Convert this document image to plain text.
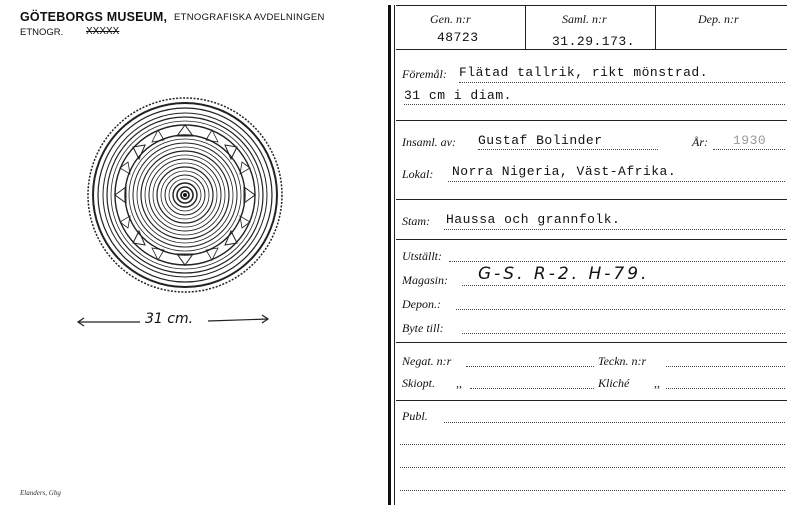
GÖTEBORGS MUSEUM, ETNOGRAFISKA AVDELNINGEN
ETNOGR. XXXXX
31 cm.
Elanders, Gbg
Gen. n:r
48723
Saml. n:r
31.29.173.
Dep. n:r
Föremål: Flätad tallrik, rikt mönstrad.
31 cm i diam.
Insaml. av: Gustaf Bolinder	År: 1930
Lokal: Norra Nigeria, Väst-Afrika.
Stam: Haussa och grannfolk.
Utställt:
Magasin: G-S. R-2. H-79.
Depon.:
Byte till:
Negat. n:r	Teckn. n:r
Skiopt. ,,	Kliché ,,
Publ.
